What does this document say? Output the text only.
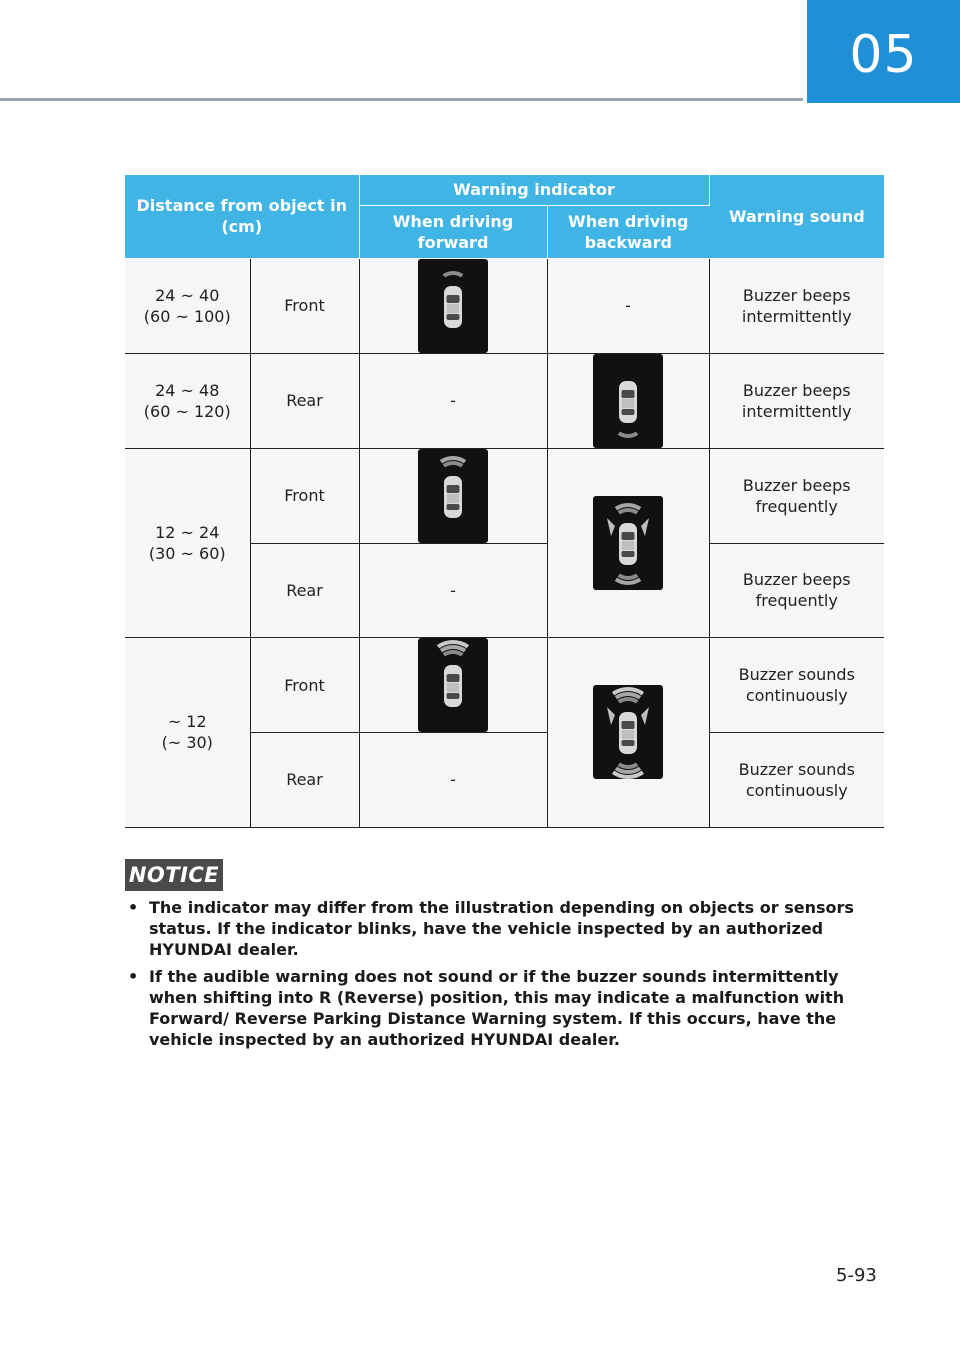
05
Distance from object in (cm)		Warning indicator		Warning sound
		When driving forward	When driving backward	
24 ~ 40
(60 ~ 100)	Front		-	Buzzer beeps intermittently
24 ~ 48
(60 ~ 120)	Rear	-		Buzzer beeps intermittently
12 ~ 24
(30 ~ 60)	Front			Buzzer beeps frequently
	Rear	-		Buzzer beeps frequently
~ 12
(~ 30)	Front			Buzzer sounds continuously
	Rear	-		Buzzer sounds continuously
NOTICE
• The indicator may differ from the illustration depending on objects or sensors status. If the indicator blinks, have the vehicle inspected by an authorized HYUNDAI dealer.
• If the audible warning does not sound or if the buzzer sounds intermittently when shifting into R (Reverse) position, this may indicate a malfunction with Forward/ Reverse Parking Distance Warning system. If this occurs, have the vehicle inspected by an authorized HYUNDAI dealer.
5-93
